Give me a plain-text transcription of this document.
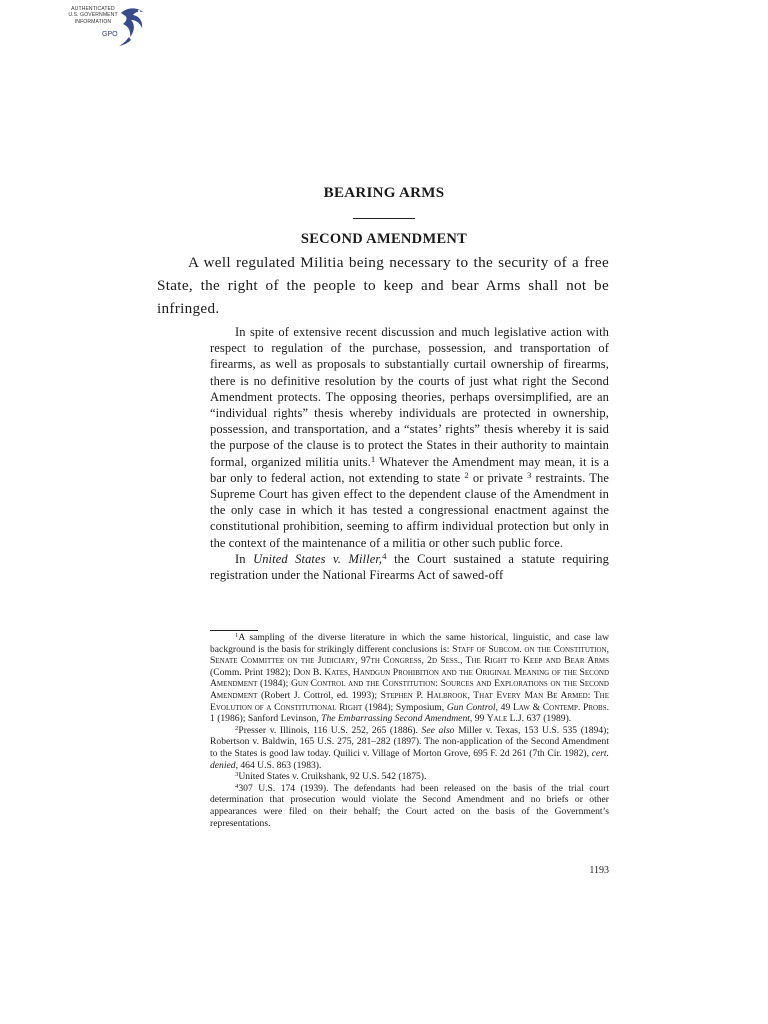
AUTHENTICATED
U.S. GOVERNMENT
INFORMATION
GPO
BEARING ARMS
SECOND AMENDMENT

A well regulated Militia being necessary to the security of a free State, the right of the people to keep and bear Arms shall not be infringed.

In spite of extensive recent discussion and much legislative action with respect to regulation of the purchase, possession, and transportation of firearms, as well as proposals to substantially curtail ownership of firearms, there is no definitive resolution by the courts of just what right the Second Amendment protects. The opposing theories, perhaps oversimplified, are an “individual rights” thesis whereby individuals are protected in ownership, possession, and transportation, and a “states’ rights” thesis whereby it is said the purpose of the clause is to protect the States in their authority to maintain formal, organized militia units.$^1$ Whatever the Amendment may mean, it is a bar only to federal action, not extending to state $^2$ or private $^3$ restraints. The Supreme Court has given effect to the dependent clause of the Amendment in the only case in which it has tested a congressional enactment against the constitutional prohibition, seeming to affirm individual protection but only in the context of the maintenance of a militia or other such public force.

In United States v. Miller,$^4$ the Court sustained a statute requiring registration under the National Firearms Act of sawed-off

$^1$A sampling of the diverse literature in which the same historical, linguistic, and case law background is the basis for strikingly different conclusions is: Staff of Subcom. on the Constitution, Senate Committee on the Judiciary, 97th Congress, 2d Sess., The Right to Keep and Bear Arms (Comm. Print 1982); Don B. Kates, Handgun Prohibition and the Original Meaning of the Second Amendment (1984); Gun Control and the Constitution: Sources and Explorations on the Second Amendment (Robert J. Cottrol, ed. 1993); Stephen P. Halbrook, That Every Man Be Armed: The Evolution of a Constitutional Right (1984); Symposium, Gun Control, 49 Law & Contemp. Probs. 1 (1986); Sanford Levinson, The Embarrassing Second Amendment, 99 Yale L.J. 637 (1989).

$^2$Presser v. Illinois, 116 U.S. 252, 265 (1886). See also Miller v. Texas, 153 U.S. 535 (1894); Robertson v. Baldwin, 165 U.S. 275, 281–282 (1897). The non-application of the Second Amendment to the States is good law today. Quilici v. Village of Morton Grove, 695 F. 2d 261 (7th Cir. 1982), cert. denied, 464 U.S. 863 (1983).

$^3$United States v. Cruikshank, 92 U.S. 542 (1875).

$^4$307 U.S. 174 (1939). The defendants had been released on the basis of the trial court determination that prosecution would violate the Second Amendment and no briefs or other appearances were filed on their behalf; the Court acted on the basis of the Government’s representations.

1193
